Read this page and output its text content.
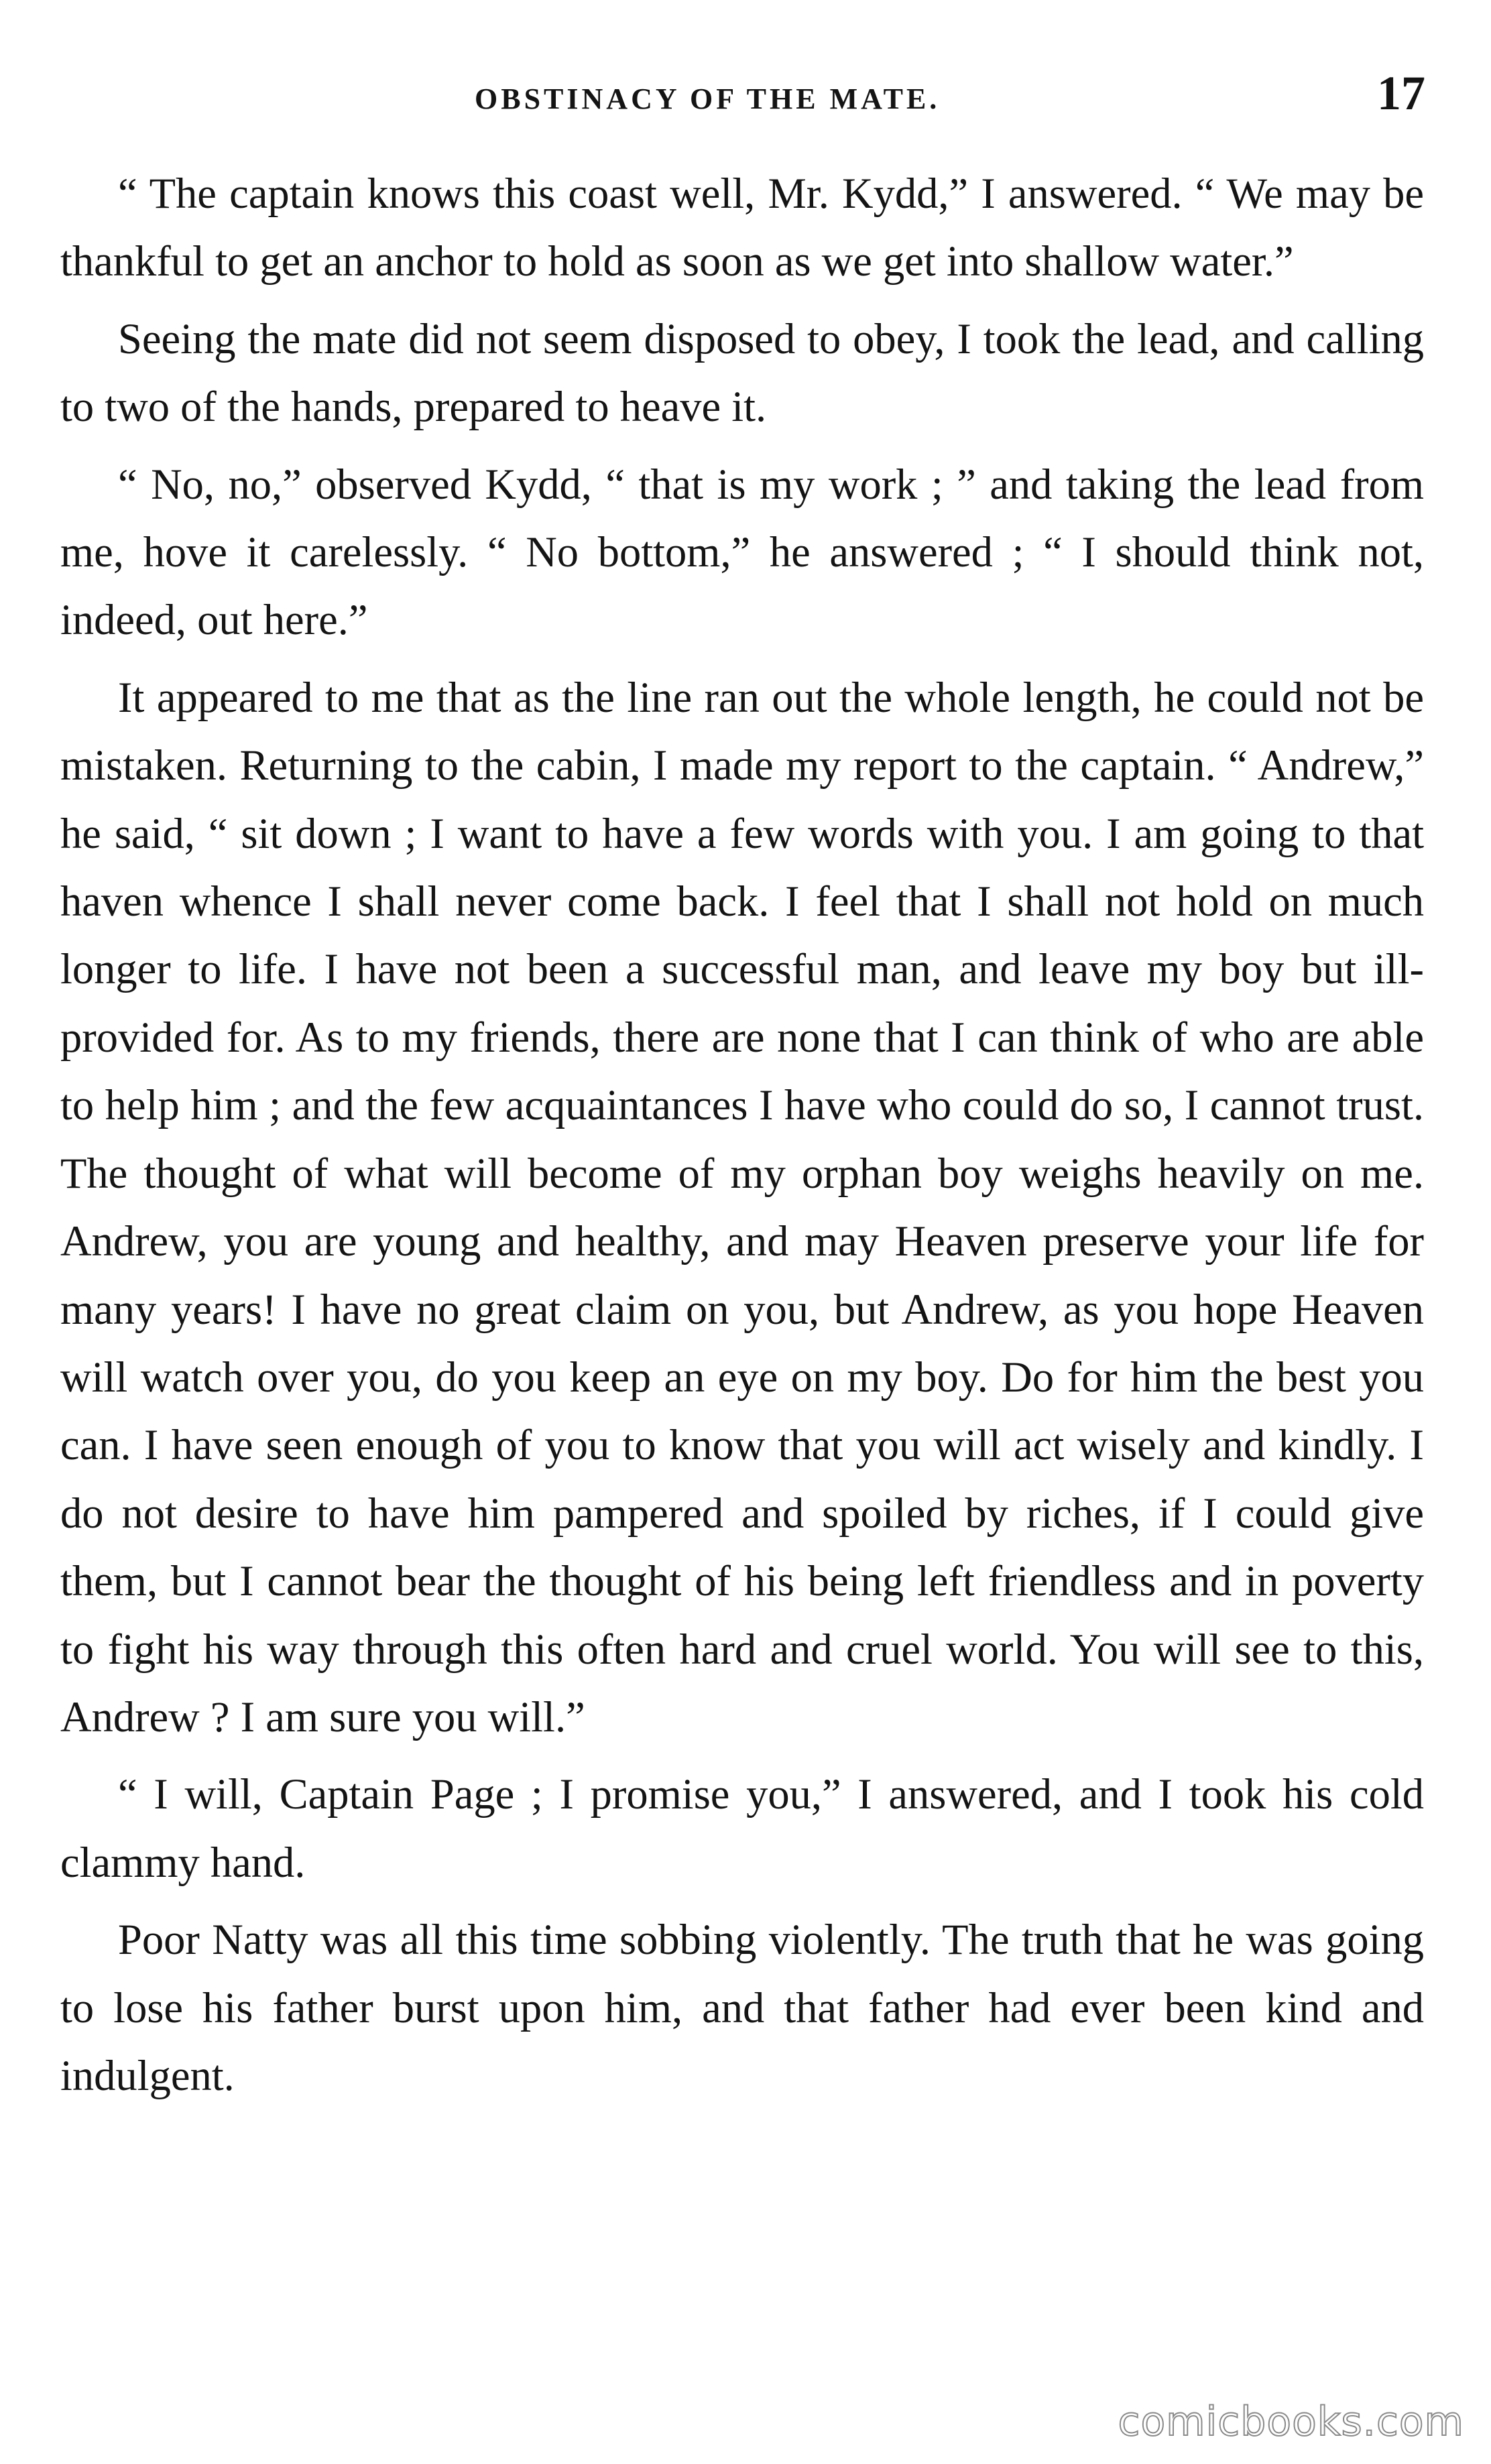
OBSTINACY OF THE MATE.	17

“ The captain knows this coast well, Mr. Kydd,” I answered. “ We may be thankful to get an anchor to hold as soon as we get into shallow water.”

Seeing the mate did not seem disposed to obey, I took the lead, and calling to two of the hands, prepared to heave it.

“ No, no,” observed Kydd, “ that is my work ; ” and taking the lead from me, hove it carelessly. “ No bottom,” he answered ; “ I should think not, indeed, out here.”

It appeared to me that as the line ran out the whole length, he could not be mistaken. Returning to the cabin, I made my report to the captain. “ Andrew,” he said, “ sit down ; I want to have a few words with you. I am going to that haven whence I shall never come back. I feel that I shall not hold on much longer to life. I have not been a successful man, and leave my boy but ill-provided for. As to my friends, there are none that I can think of who are able to help him ; and the few acquaintances I have who could do so, I cannot trust. The thought of what will become of my orphan boy weighs heavily on me. Andrew, you are young and healthy, and may Heaven preserve your life for many years! I have no great claim on you, but Andrew, as you hope Heaven will watch over you, do you keep an eye on my boy. Do for him the best you can. I have seen enough of you to know that you will act wisely and kindly. I do not desire to have him pampered and spoiled by riches, if I could give them, but I cannot bear the thought of his being left friendless and in poverty to fight his way through this often hard and cruel world. You will see to this, Andrew ? I am sure you will.”

“ I will, Captain Page ; I promise you,” I answered, and I took his cold clammy hand.

Poor Natty was all this time sobbing violently. The truth that he was going to lose his father burst upon him, and that father had ever been kind and indulgent.

comicbooks.com
